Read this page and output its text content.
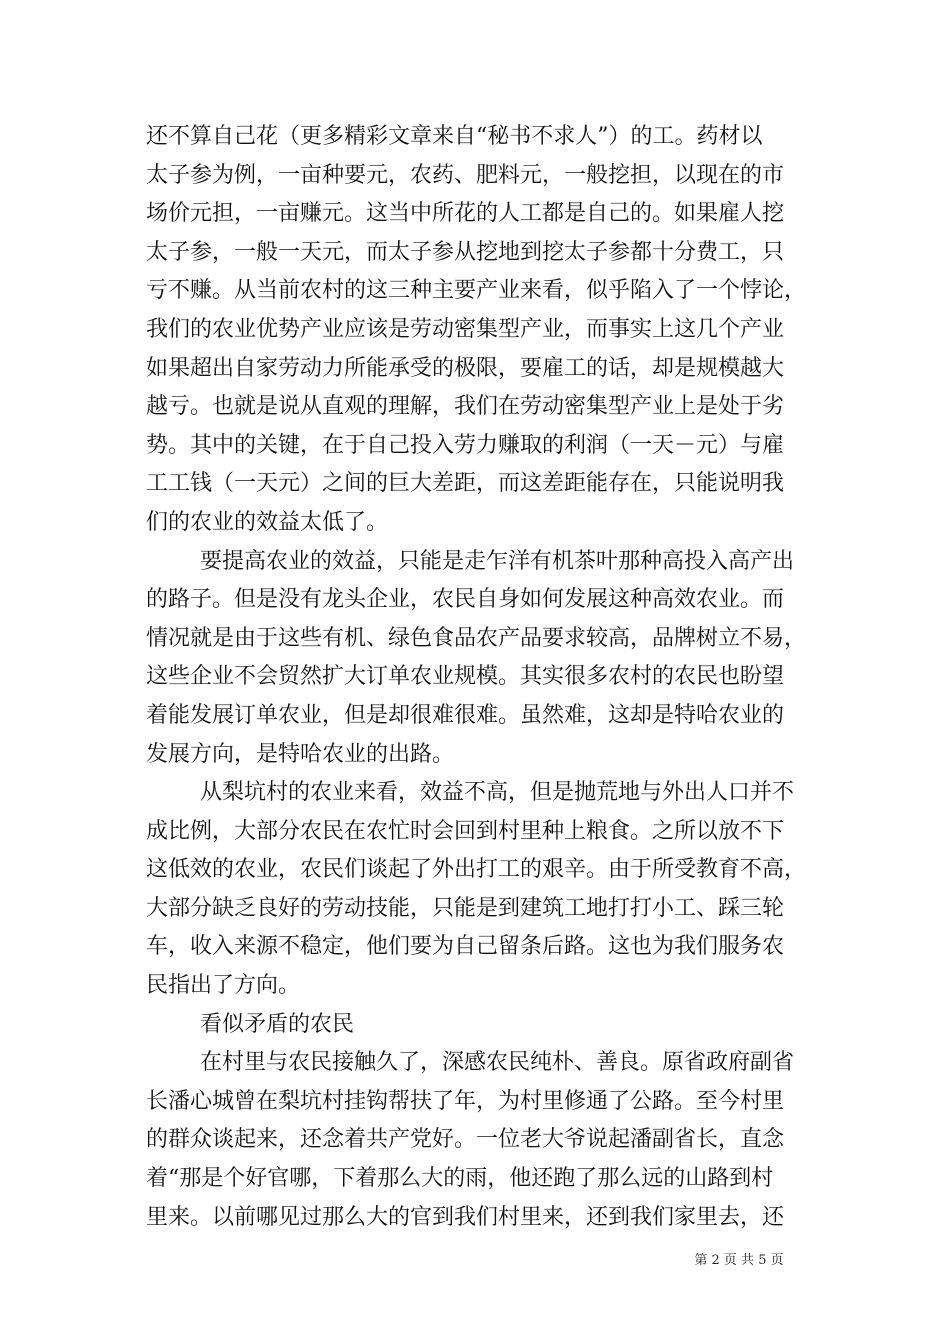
还不算自己花（更多精彩文章来自“秘书不求人”）的工。药材以
太子参为例，一亩种要元，农药、肥料元，一般挖担，以现在的市
场价元担，一亩赚元。这当中所花的人工都是自己的。如果雇人挖
太子参，一般一天元，而太子参从挖地到挖太子参都十分费工，只
亏不赚。从当前农村的这三种主要产业来看，似乎陷入了一个悖论，
我们的农业优势产业应该是劳动密集型产业，而事实上这几个产业
如果超出自家劳动力所能承受的极限，要雇工的话，却是规模越大
越亏。也就是说从直观的理解，我们在劳动密集型产业上是处于劣
势。其中的关键，在于自己投入劳力赚取的利润（一天－元）与雇
工工钱（一天元）之间的巨大差距，而这差距能存在，只能说明我
们的农业的效益太低了。
要提高农业的效益，只能是走乍洋有机茶叶那种高投入高产出
的路子。但是没有龙头企业，农民自身如何发展这种高效农业。而
情况就是由于这些有机、绿色食品农产品要求较高，品牌树立不易，
这些企业不会贸然扩大订单农业规模。其实很多农村的农民也盼望
着能发展订单农业，但是却很难很难。虽然难，这却是特哈农业的
发展方向，是特哈农业的出路。
从梨坑村的农业来看，效益不高，但是抛荒地与外出人口并不
成比例，大部分农民在农忙时会回到村里种上粮食。之所以放不下
这低效的农业，农民们谈起了外出打工的艰辛。由于所受教育不高，
大部分缺乏良好的劳动技能，只能是到建筑工地打打小工、踩三轮
车，收入来源不稳定，他们要为自己留条后路。这也为我们服务农
民指出了方向。
看似矛盾的农民
在村里与农民接触久了，深感农民纯朴、善良。原省政府副省
长潘心城曾在梨坑村挂钩帮扶了年，为村里修通了公路。至今村里
的群众谈起来，还念着共产党好。一位老大爷说起潘副省长，直念
着“那是个好官哪，下着那么大的雨，他还跑了那么远的山路到村
里来。以前哪见过那么大的官到我们村里来，还到我们家里去，还
第 2 页 共 5 页
